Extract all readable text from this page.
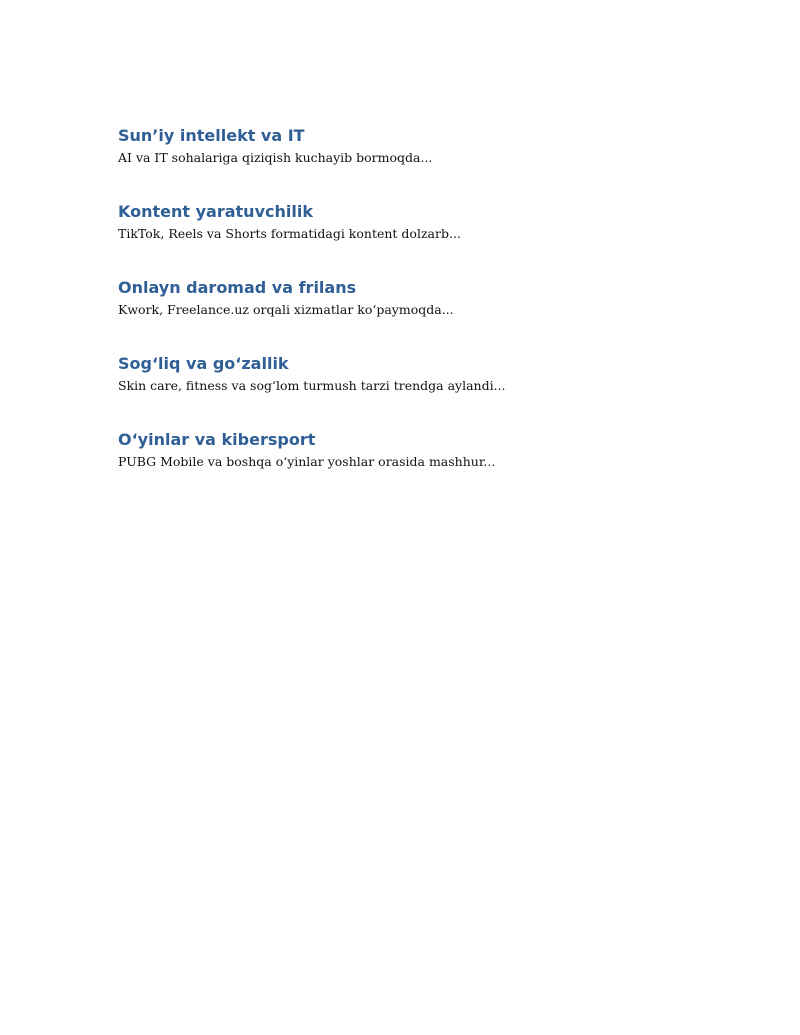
Sun’iy intellekt va IT

AI va IT sohalariga qiziqish kuchayib bormoqda...

Kontent yaratuvchilik

TikTok, Reels va Shorts formatidagi kontent dolzarb...

Onlayn daromad va frilans

Kwork, Freelance.uz orqali xizmatlar ko‘paymoqda...

Sog‘liq va go‘zallik

Skin care, fitness va sog‘lom turmush tarzi trendga aylandi...

O‘yinlar va kibersport

PUBG Mobile va boshqa o‘yinlar yoshlar orasida mashhur...
